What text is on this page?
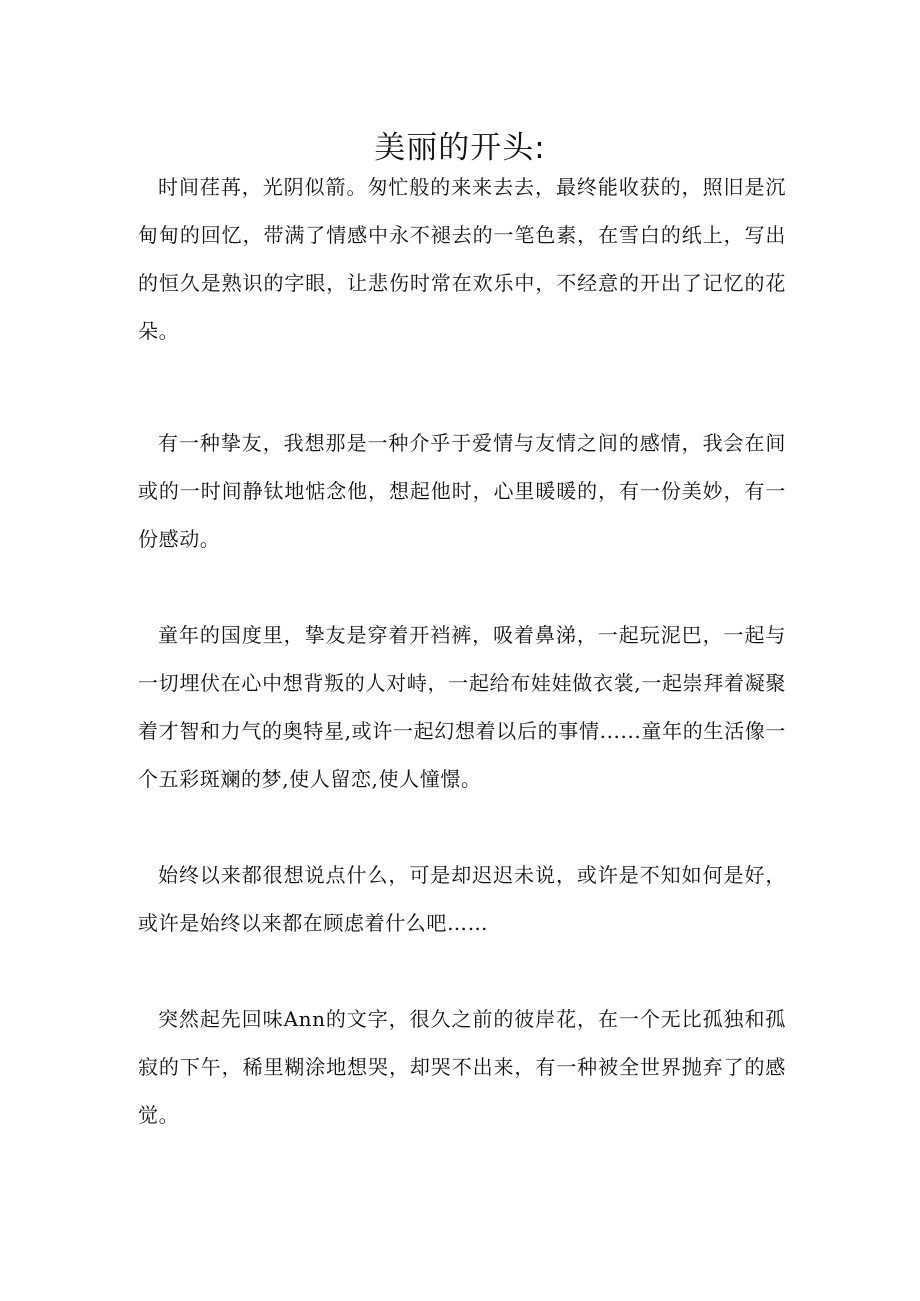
美丽的开头:

时间荏苒，光阴似箭。匆忙般的来来去去，最终能收获的，照旧是沉甸甸的回忆，带满了情感中永不褪去的一笔色素，在雪白的纸上，写出的恒久是熟识的字眼，让悲伤时常在欢乐中，不经意的开出了记忆的花朵。

有一种挚友，我想那是一种介乎于爱情与友情之间的感情，我会在间或的一时间静钛地惦念他，想起他时，心里暖暖的，有一份美妙，有一份感动。

童年的国度里，挚友是穿着开裆裤，吸着鼻涕，一起玩泥巴，一起与一切埋伏在心中想背叛的人对峙，一起给布娃娃做衣裳,一起崇拜着凝聚着才智和力气的奥特星,或许一起幻想着以后的事情......童年的生活像一个五彩斑斓的梦,使人留恋,使人憧憬。

始终以来都很想说点什么，可是却迟迟未说，或许是不知如何是好，或许是始终以来都在顾虑着什么吧……

突然起先回味Ann的文字，很久之前的彼岸花，在一个无比孤独和孤寂的下午，稀里糊涂地想哭，却哭不出来，有一种被全世界抛弃了的感觉。
